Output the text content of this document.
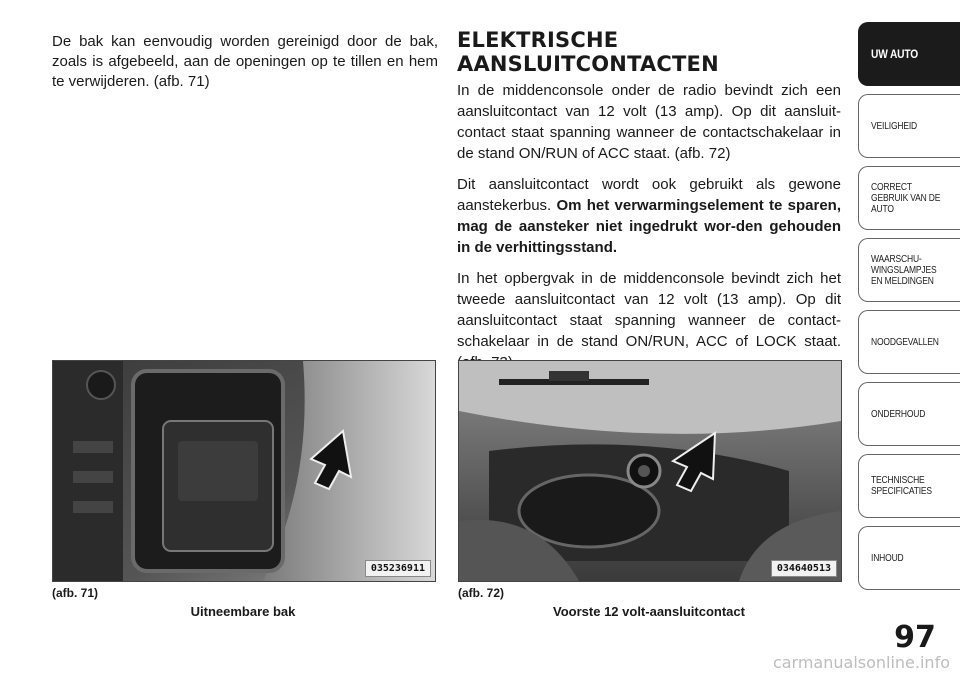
De bak kan eenvoudig worden gereinigd door de bak, zoals is afgebeeld, aan de openingen op te tillen en hem te verwijderen. (afb. 71)

ELEKTRISCHE AANSLUITCONTACTEN

In de middenconsole onder de radio bevindt zich een aansluitcontact van 12 volt (13 amp). Op dit aansluit-contact staat spanning wanneer de contactschakelaar in de stand ON/RUN of ACC staat. (afb. 72)

Dit aansluitcontact wordt ook gebruikt als gewone aanstekerbus. Om het verwarmingselement te sparen, mag de aansteker niet ingedrukt wor-den gehouden in de verhittingsstand.

In het opbergvak in de middenconsole bevindt zich het tweede aansluitcontact van 12 volt (13 amp). Op dit aansluitcontact staat spanning wanneer de contact-schakelaar in de stand ON/RUN, ACC of LOCK staat.

035236911
(afb. 71)
Uitneembare bak
034640513
(afb. 72)
Voorste 12 volt-aansluitcontact
UW AUTO
VEILIGHEID
CORRECT GEBRUIK VAN DE AUTO
WAARSCHU-WINGSLAMPJES EN MELDINGEN
NOODGEVALLEN
ONDERHOUD
TECHNISCHE SPECIFICATIES
INHOUD
97
carmanualsonline.info
